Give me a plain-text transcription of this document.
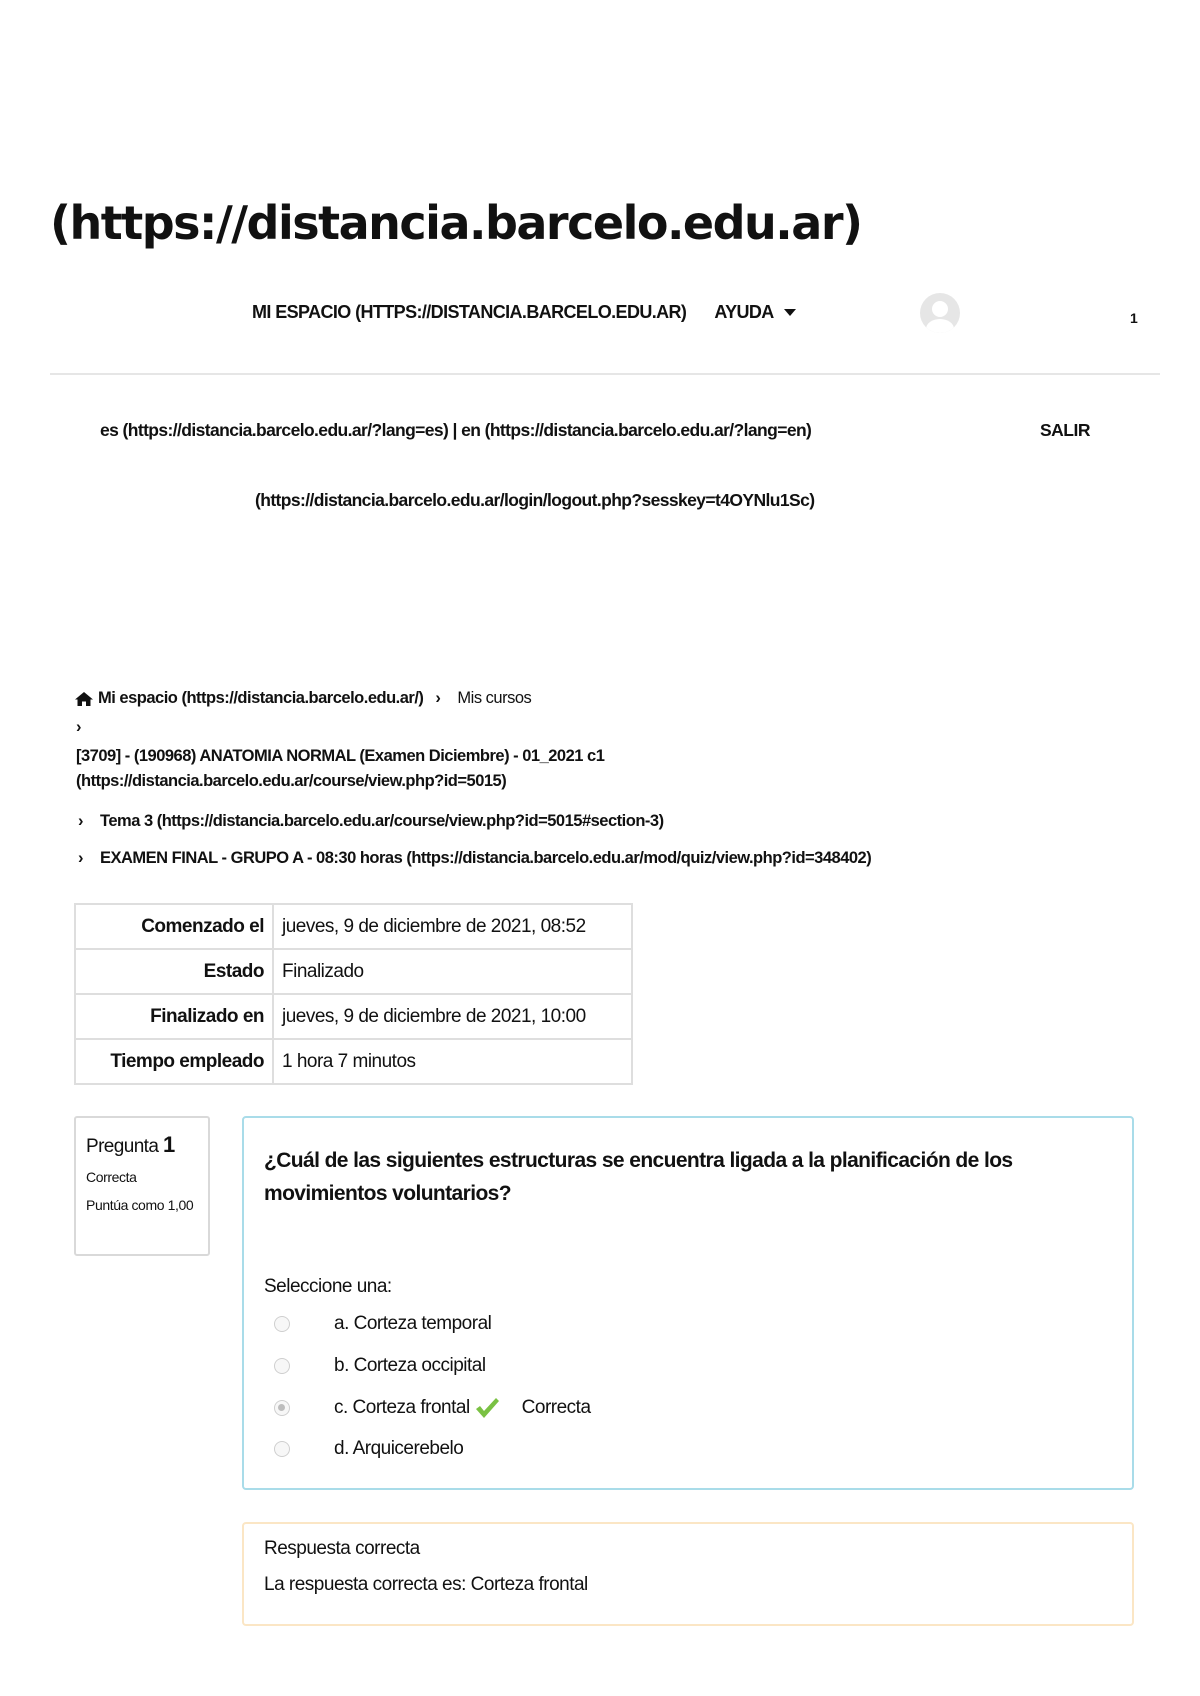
(https://distancia.barcelo.edu.ar)
MI ESPACIO (HTTPS://DISTANCIA.BARCELO.EDU.AR) AYUDA	1
es (https://distancia.barcelo.edu.ar/?lang=es) | en (https://distancia.barcelo.edu.ar/?lang=en)	SALIR
(https://distancia.barcelo.edu.ar/login/logout.php?sesskey=t4OYNlu1Sc)
Mi espacio (https://distancia.barcelo.edu.ar/) ›	Mis cursos
›
[3709] - (190968) ANATOMIA NORMAL (Examen Diciembre) - 01_2021 c1
(https://distancia.barcelo.edu.ar/course/view.php?id=5015)
› Tema 3 (https://distancia.barcelo.edu.ar/course/view.php?id=5015#section-3)
› EXAMEN FINAL - GRUPO A - 08:30 horas (https://distancia.barcelo.edu.ar/mod/quiz/view.php?id=348402)
Comenzado el	jueves, 9 de diciembre de 2021, 08:52
Estado	Finalizado
Finalizado en	jueves, 9 de diciembre de 2021, 10:00
Tiempo empleado	1 hora 7 minutos
Pregunta 1
Correcta
Puntúa como 1,00
¿Cuál de las siguientes estructuras se encuentra ligada a la planificación de los movimientos voluntarios?
Seleccione una:
a. Corteza temporal
b. Corteza occipital
c. Corteza frontal	Correcta
d. Arquicerebelo
Respuesta correcta
La respuesta correcta es: Corteza frontal
